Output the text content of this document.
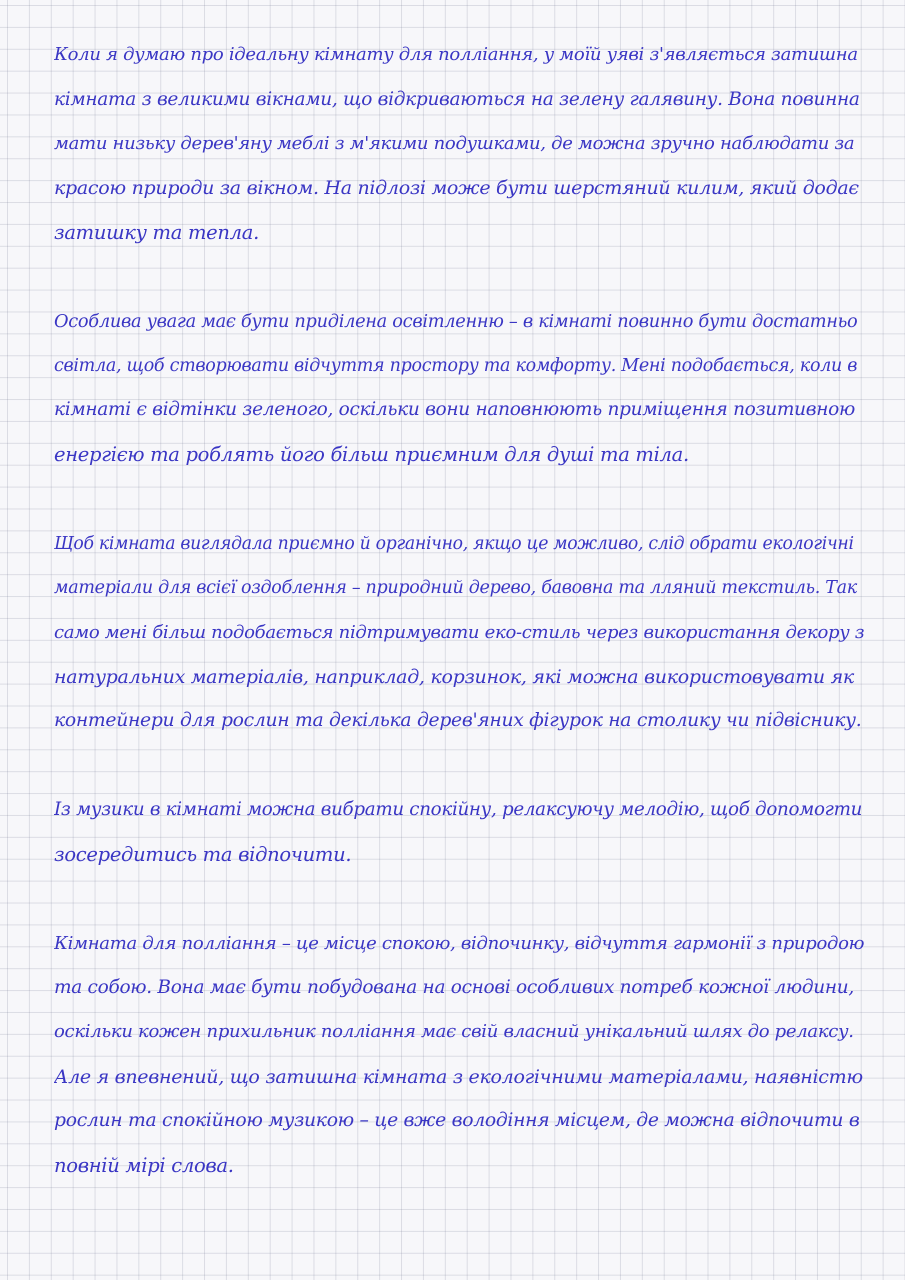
Коли я думаю про ідеальну кімнату для полліання, у моїй уяві з'являється затишна
кімната з великими вікнами, що відкриваються на зелену галявину. Вона повинна
мати низьку дерев'яну меблі з м'якими подушками, де можна зручно наблюдати за
красою природи за вікном. На підлозі може бути шерстяний килим, який додає
затишку та тепла.
Особлива увага має бути приділена освітленню – в кімнаті повинно бути достатньо
світла, щоб створювати відчуття простору та комфорту. Мені подобається, коли в
кімнаті є відтінки зеленого, оскільки вони наповнюють приміщення позитивною
енергією та роблять його більш приємним для душі та тіла.
Щоб кімната виглядала приємно й органічно, якщо це можливо, слід обрати екологічні
матеріали для всієї оздоблення – природний дерево, бавовна та лляний текстиль. Так
само мені більш подобається підтримувати еко-стиль через використання декору з
натуральних матеріалів, наприклад, корзинок, які можна використовувати як
контейнери для рослин та декілька дерев'яних фігурок на столику чи підвіснику.
Із музики в кімнаті можна вибрати спокійну, релаксуючу мелодію, щоб допомогти
зосередитись та відпочити.
Кімната для полліання – це місце спокою, відпочинку, відчуття гармонії з природою
та собою. Вона має бути побудована на основі особливих потреб кожної людини,
оскільки кожен прихильник полліання має свій власний унікальний шлях до релаксу.
Але я впевнений, що затишна кімната з екологічними матеріалами, наявністю
рослин та спокійною музикою – це вже володіння місцем, де можна відпочити в
повній мірі слова.
